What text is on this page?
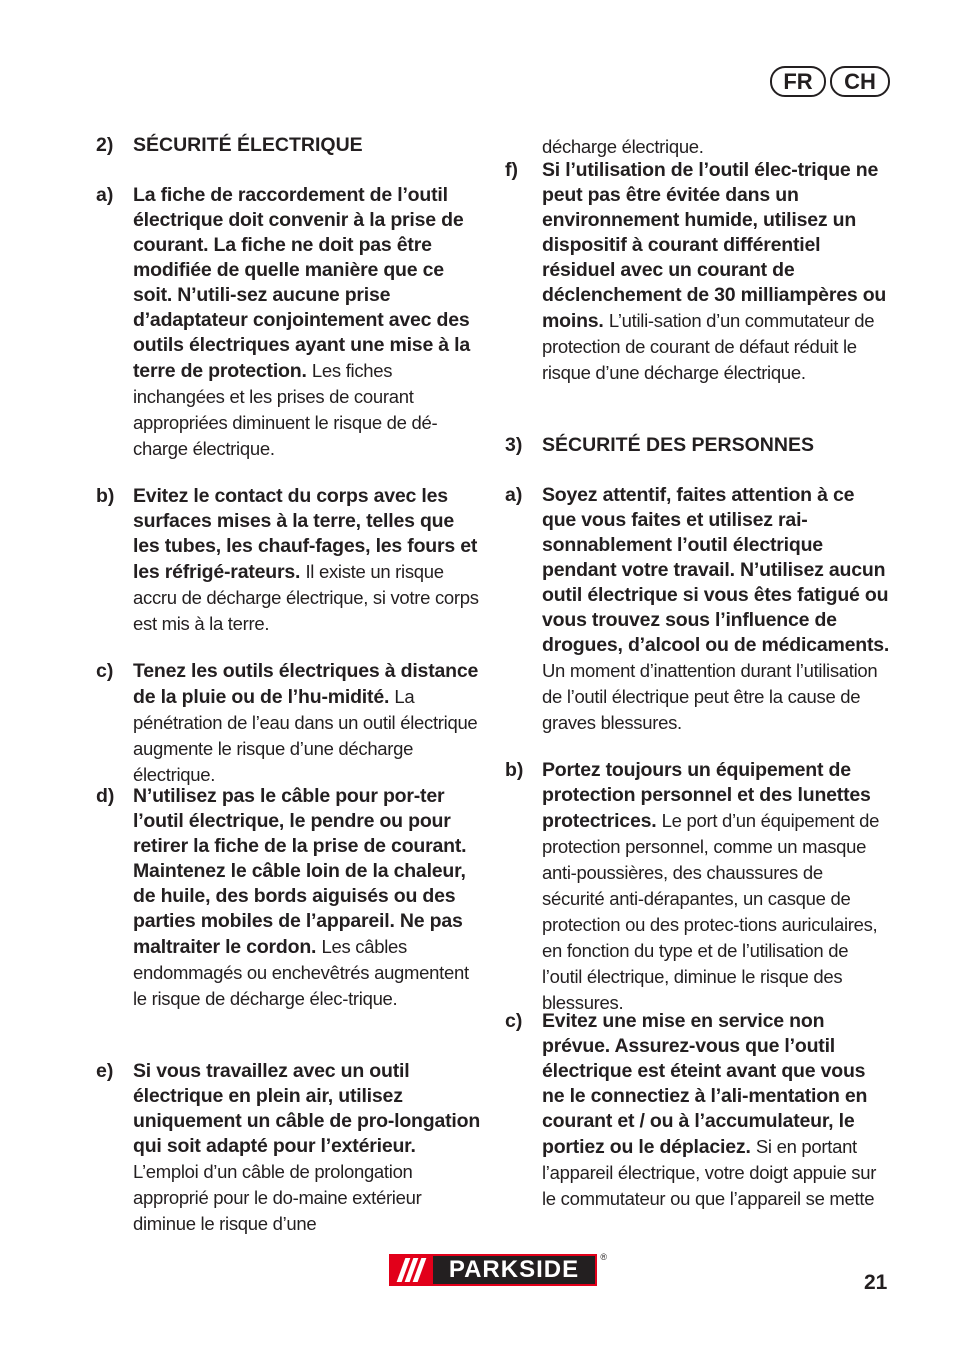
FR	CH
2)	SÉCURITÉ ÉLECTRIQUE
a)	La fiche de raccordement de l’outil électrique doit convenir à la prise de courant. La fiche ne doit pas être modifiée de quelle manière que ce soit. N’utili-sez aucune prise d’adaptateur conjointement avec des outils électriques ayant une mise à la terre de protection. Les fiches inchangées et les prises de courant appropriées diminuent le risque de dé-charge électrique.
b) Evitez le contact du corps avec les surfaces mises à la terre, telles que les tubes, les chauf-fages, les fours et les réfrigé-rateurs. Il existe un risque accru de décharge électrique, si votre corps est mis à la terre.
c)	Tenez les outils électriques à distance de la pluie ou de l’hu-midité. La pénétration de l’eau dans un outil électrique augmente le risque d’une décharge électrique.
d) N’utilisez pas le câble pour por-ter l’outil électrique, le pendre ou pour retirer la fiche de la prise de courant. Maintenez le câble loin de la chaleur, de huile, des bords aiguisés ou des parties mobiles de l’appareil. Ne pas maltraiter le cordon. Les câbles endommagés ou enchevêtrés augmentent le risque de décharge élec-trique.
e)	Si vous travaillez avec un outil électrique en plein air, utilisez uniquement un câble de pro-longation qui soit adapté pour l’extérieur. L’emploi d’un câble de prolongation approprié pour le do-maine extérieur diminue le risque d’une
décharge électrique.
f)	Si l’utilisation de l’outil élec-trique ne peut pas être évitée dans un environnement humide, utilisez un dispositif à courant différentiel résiduel avec un courant de déclenchement de 30 milliampères ou moins. L’utili-sation d’un commutateur de protection de courant de défaut réduit le risque d’une décharge électrique.
3)	SÉCURITÉ DES PERSONNES
a)	Soyez attentif, faites attention à ce que vous faites et utilisez rai-sonnablement l’outil électrique pendant votre travail. N’utilisez aucun outil électrique si vous êtes fatigué ou vous trouvez sous l’influence de drogues, d’alcool ou de médicaments. Un moment d’inattention durant l’utilisation de l’outil électrique peut être la cause de graves blessures.
b) Portez toujours un équipement de protection personnel et des lunettes protectrices. Le port d’un équipement de protection personnel, comme un masque anti-poussières, des chaussures de sécurité anti-dérapantes, un casque de protection ou des protec-tions auriculaires, en fonction du type et de l’utilisation de l’outil électrique, diminue le risque des blessures.
c)	Evitez une mise en service non prévue. Assurez-vous que l’outil électrique est éteint avant que vous ne le connectiez à l’ali-mentation en courant et / ou à l’accumulateur, le portiez ou le déplaciez. Si en portant l’appareil électrique, votre doigt appuie sur le commutateur ou que l’appareil se mette
PARKSIDE	®
21
